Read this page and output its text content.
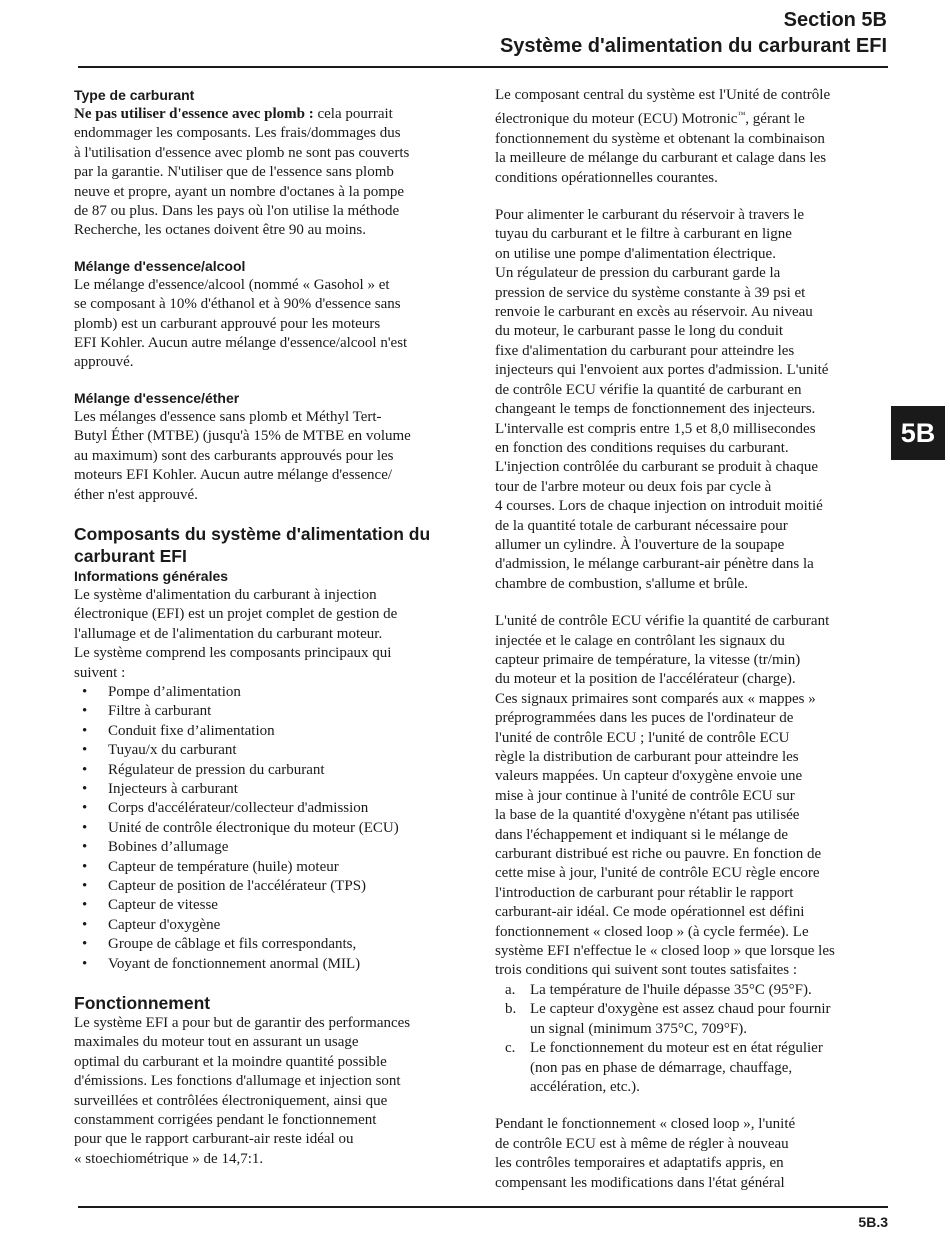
Section 5B
Système d'alimentation du carburant EFI

Type de carburant

Ne pas utiliser d'essence avec plomb : cela pourrait
endommager les composants. Les frais/dommages dus
à l'utilisation d'essence avec plomb ne sont pas couverts
par la garantie. N'utiliser que de l'essence sans plomb
neuve et propre, ayant un nombre d'octanes à la pompe
de 87 ou plus. Dans les pays où l'on utilise la méthode
Recherche, les octanes doivent être 90 au moins.

Mélange d'essence/alcool

Le mélange d'essence/alcool (nommé « Gasohol » et
se composant à 10% d'éthanol et à 90% d'essence sans
plomb) est un carburant approuvé pour les moteurs
EFI Kohler. Aucun autre mélange d'essence/alcool n'est
approuvé.

Mélange d'essence/éther

Les mélanges d'essence sans plomb et Méthyl Tert-
Butyl Éther (MTBE) (jusqu'à 15% de MTBE en volume
au maximum) sont des carburants approuvés pour les
moteurs EFI Kohler. Aucun autre mélange d'essence/
éther n'est approuvé.

Composants du système d'alimentation du
carburant EFI

Informations générales

Le système d'alimentation du carburant à injection
électronique (EFI) est un projet complet de gestion de
l'allumage et de l'alimentation du carburant moteur.
Le système comprend les composants principaux qui
suivent :

• Pompe d’alimentation
• Filtre à carburant
• Conduit fixe d’alimentation
• Tuyau/x du carburant
• Régulateur de pression du carburant
• Injecteurs à carburant
• Corps d'accélérateur/collecteur d'admission
• Unité de contrôle électronique du moteur (ECU)
• Bobines d’allumage
• Capteur de température (huile) moteur
• Capteur de position de l'accélérateur (TPS)
• Capteur de vitesse
• Capteur d'oxygène
• Groupe de câblage et fils correspondants,
• Voyant de fonctionnement anormal (MIL)

Fonctionnement

Le système EFI a pour but de garantir des performances
maximales du moteur tout en assurant un usage
optimal du carburant et la moindre quantité possible
d'émissions. Les fonctions d'allumage et injection sont
surveillées et contrôlées électroniquement, ainsi que
constamment corrigées pendant le fonctionnement
pour que le rapport carburant-air reste idéal ou
« stoechiométrique » de 14,7:1.

Le composant central du système est l'Unité de contrôle
électronique du moteur (ECU) Motronic™, gérant le
fonctionnement du système et obtenant la combinaison
la meilleure de mélange du carburant et calage dans les
conditions opérationnelles courantes.

Pour alimenter le carburant du réservoir à travers le
tuyau du carburant et le filtre à carburant en ligne
on utilise une pompe d'alimentation électrique.
Un régulateur de pression du carburant garde la
pression de service du système constante à 39 psi et
renvoie le carburant en excès au réservoir. Au niveau
du moteur, le carburant passe le long du conduit
fixe d'alimentation du carburant pour atteindre les
injecteurs qui l'envoient aux portes d'admission. L'unité
de contrôle ECU vérifie la quantité de carburant en
changeant le temps de fonctionnement des injecteurs.
L'intervalle est compris entre 1,5 et 8,0 millisecondes
en fonction des conditions requises du carburant.
L'injection contrôlée du carburant se produit à chaque
tour de l'arbre moteur ou deux fois par cycle à
4 courses. Lors de chaque injection on introduit moitié
de la quantité totale de carburant nécessaire pour
allumer un cylindre. À l'ouverture de la soupape
d'admission, le mélange carburant-air pénètre dans la
chambre de combustion, s'allume et brûle.

L'unité de contrôle ECU vérifie la quantité de carburant
injectée et le calage en contrôlant les signaux du
capteur primaire de température, la vitesse (tr/min)
du moteur et la position de l'accélérateur (charge).
Ces signaux primaires sont comparés aux « mappes »
préprogrammées dans les puces de l'ordinateur de
l'unité de contrôle ECU ; l'unité de contrôle ECU
règle la distribution de carburant pour atteindre les
valeurs mappées. Un capteur d'oxygène envoie une
mise à jour continue à l'unité de contrôle ECU sur
la base de la quantité d'oxygène n'étant pas utilisée
dans l'échappement et indiquant si le mélange de
carburant distribué est riche ou pauvre. En fonction de
cette mise à jour, l'unité de contrôle ECU règle encore
l'introduction de carburant pour rétablir le rapport
carburant-air idéal. Ce mode opérationnel est défini
fonctionnement « closed loop » (à cycle fermée). Le
système EFI n'effectue le « closed loop » que lorsque les
trois conditions qui suivent sont toutes satisfaites :

a. La température de l'huile dépasse 35°C (95°F).
b. Le capteur d'oxygène est assez chaud pour fournir
un signal (minimum 375°C, 709°F).
c. Le fonctionnement du moteur est en état régulier
(non pas en phase de démarrage, chauffage,
accélération, etc.).

Pendant le fonctionnement « closed loop », l'unité
de contrôle ECU est à même de régler à nouveau
les contrôles temporaires et adaptatifs appris, en
compensant les modifications dans l'état général

5B
5B.3
